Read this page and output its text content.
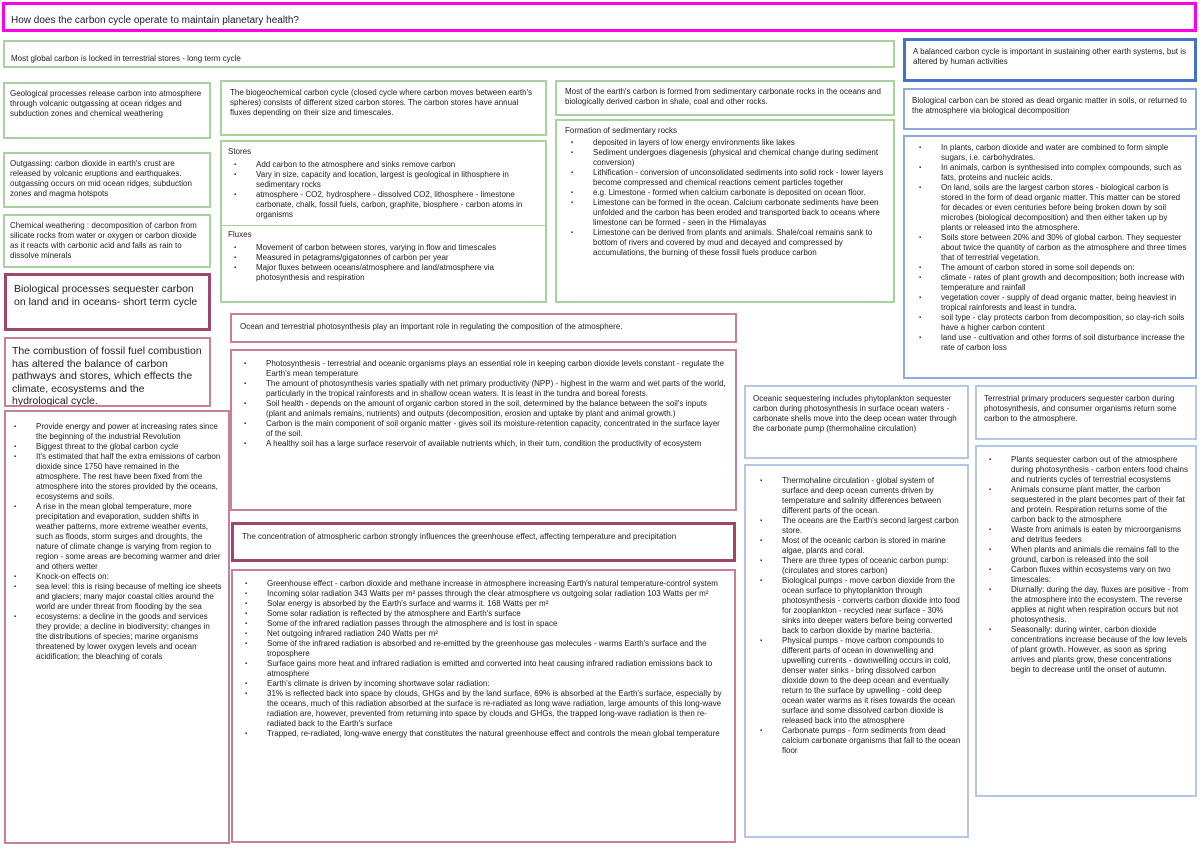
How does the carbon cycle operate to maintain planetary health?
Most global carbon is locked in terrestrial stores - long term cycle
Geological processes release carbon into atmosphere through volcanic outgassing at ocean ridges and subduction zones and chemical weathering
Outgassing: carbon dioxide in earth's crust are released by volcanic eruptions and earthquakes. outgassing occurs on mid ocean ridges, subduction zones and magma hotspots
Chemical weathering : decomposition of carbon from silicate rocks from water or oxygen or carbon dioxide as it reacts with carbonic acid and falls as rain to dissolve minerals
Biological processes sequester carbon on land and in oceans- short term cycle
The combustion of fossil fuel combustion has altered the balance of carbon pathways and stores, which effects the climate, ecosystems and the hydrological cycle.
▪ Provide energy and power at increasing rates since the beginning of the industrial Revolution
▪ Biggest threat to the global carbon cycle
▪ It's estimated that half the extra emissions of carbon dioxide since 1750 have remained in the atmosphere. The rest have been fixed from the atmosphere into the stores provided by the oceans, ecosystems and soils.
▪ A rise in the mean global temperature, more precipitation and evaporation, sudden shifts in weather patterns, more extreme weather events, such as floods, storm surges and droughts, the nature of climate change is varying from region to region - some areas are becoming warmer and drier and others wetter
▪ Knock-on effects on:
▪ sea level: this is rising because of melting ice sheets and glaciers; many major coastal cities around the world are under threat from flooding by the sea
▪ ecosystems: a decline in the goods and services they provide; a decline in biodiversity; changes in the distributions of species; marine organisms threatened by lower oxygen levels and ocean acidification; the bleaching of corals
The biogeochemical carbon cycle (closed cycle where carbon moves between earth's spheres) consists of different sized carbon stores. The carbon stores have annual fluxes depending on their size and timescales.
Stores
▪ Add carbon to the atmosphere and sinks remove carbon
▪ Vary in size, capacity and location, largest is geological in lithosphere in sedimentary rocks
▪ atmosphere - CO2, hydrosphere - dissolved CO2, lithosphere - limestone carbonate, chalk, fossil fuels, carbon, graphite, biosphere - carbon atoms in organisms
Fluxes
▪ Movement of carbon between stores, varying in flow and timescales
▪ Measured in petagrams/gigatonnes of carbon per year
▪ Major fluxes between oceans/atmosphere and land/atmosphere via photosynthesis and respiration
Most of the earth's carbon is formed from sedimentary carbonate rocks in the oceans and biologically derived carbon in shale, coal and other rocks.
Formation of sedimentary rocks
▪ deposited in layers of low energy environments like lakes
▪ Sediment undergoes diagenesis (physical and chemical change during sediment conversion)
▪ Lithification - conversion of unconsolidated sediments into solid rock - lower layers become compressed and chemical reactions cement particles together
▪ e.g. Limestone - formed when calcium carbonate is deposited on ocean floor.
▪ Limestone can be formed in the ocean. Calcium carbonate sediments have been unfolded and the carbon has been eroded and transported back to oceans where limestone can be formed - seen in the Himalayas
▪ Limestone can be derived from plants and animals. Shale/coal remains sank to bottom of rivers and covered by mud and decayed and compressed by accumulations, the burning of these fossil fuels produce carbon
Ocean and terrestrial photosynthesis play an important role in regulating the composition of the atmosphere.
▪ Photosynthesis - terrestrial and oceanic organisms plays an essential role in keeping carbon dioxide levels constant - regulate the Earth's mean temperature
▪ The amount of photosynthesis varies spatially with net primary productivity (NPP) - highest in the warm and wet parts of the world, particularly in the tropical rainforests and in shallow ocean waters. It is least in the tundra and boreal forests.
▪ Soil health - depends on the amount of organic carbon stored in the soil, determined by the balance between the soil's inputs (plant and animals remains, nutrients) and outputs (decomposition, erosion and uptake by plant and animal growth.)
▪ Carbon is the main component of soil organic matter - gives soil its moisture-retention capacity, concentrated in the surface layer of the soil.
▪ A healthy soil has a large surface reservoir of available nutrients which, in their turn, condition the productivity of ecosystem
The concentration of atmospheric carbon strongly influences the greenhouse effect, affecting temperature and precipitation
▪ Greenhouse effect - carbon dioxide and methane increase in atmosphere increasing Earth's natural temperature-control system
▪ Incoming solar radiation 343 Watts per m² passes through the clear atmosphere vs outgoing solar radiation 103 Watts per m²
▪ Solar energy is absorbed by the Earth's surface and warms it. 168 Watts per m²
▪ Some solar radiation is reflected by the atmosphere and Earth's surface
▪ Some of the infrared radiation passes through the atmosphere and is lost in space
▪ Net outgoing infrared radiation 240 Watts per m²
▪ Some of the infrared radiation is absorbed and re-emitted by the greenhouse gas molecules - warms Earth's surface and the troposphere
▪ Surface gains more heat and infrared radiation is emitted and converted into heat causing infrared radiation emissions back to atmosphere
▪ Earth's climate is driven by incoming shortwave solar radiation:
▪ 31% is reflected back into space by clouds, GHGs and by the land surface, 69% is absorbed at the Earth's surface, especially by the oceans, much of this radiation absorbed at the surface is re-radiated as long wave radiation, large amounts of this long-wave radiation are, however, prevented from returning into space by clouds and GHGs, the trapped long-wave radiation is then re-radiated back to the Earth's surface
▪ Trapped, re-radiated, long-wave energy that constitutes the natural greenhouse effect and controls the mean global temperature
A balanced carbon cycle is important in sustaining other earth systems, but is altered by human activities
Biological carbon can be stored as dead organic matter in soils, or returned to the atmosphere via biological decomposition
▪ In plants, carbon dioxide and water are combined to form simple sugars, i.e. carbohydrates.
▪ In animals, carbon is synthesised into complex compounds, such as fats, proteins and nucleic acids.
▪ On land, soils are the largest carbon stores - biological carbon is stored in the form of dead organic matter. This matter can be stored for decades or even centuries before being broken down by soil microbes (biological decomposition) and then either taken up by plants or released into the atmosphere.
▪ Soils store between 20% and 30% of global carbon. They sequester about twice the quantity of carbon as the atmosphere and three times that of terrestrial vegetation.
▪ The amount of carbon stored in some soil depends on:
▪ climate - rates of plant growth and decomposition; both increase with temperature and rainfall
▪ vegetation cover - supply of dead organic matter, being heaviest in tropical rainforests and least in tundra.
▪ soil type - clay protects carbon from decomposition, so clay-rich soils have a higher carbon content
▪ land use - cultivation and other forms of soil disturbance increase the rate of carbon loss
Oceanic sequestering includes phytoplankton sequester carbon during photosynthesis in surface ocean waters - carbonate shells move into the deep ocean water through the carbonate pump (thermohaline circulation)
▪ Thermohaline circulation - global system of surface and deep ocean currents driven by temperature and salinity differences between different parts of the ocean.
▪ The oceans are the Earth's second largest carbon store.
▪ Most of the oceanic carbon is stored in marine algae, plants and coral.
▪ There are three types of oceanic carbon pump: (circulates and stores carbon)
▪ Biological pumps - move carbon dioxide from the ocean surface to phytoplankton through photosynthesis - converts carbon dioxide into food for zooplankton - recycled near surface - 30% sinks into deeper waters before being converted back to carbon dioxide by marine bacteria.
▪ Physical pumps - move carbon compounds to different parts of ocean in downwelling and upwelling currents - downwelling occurs in cold, denser water sinks - bring dissolved carbon dioxide down to the deep ocean and eventually return to the surface by upwelling - cold deep ocean water warms as it rises towards the ocean surface and some dissolved carbon dioxide is released back into the atmosphere
▪ Carbonate pumps - form sediments from dead calcium carbonate organisms that fall to the ocean floor
Terrestrial primary producers sequester carbon during photosynthesis, and consumer organisms return some carbon to the atmosphere.
▪ Plants sequester carbon out of the atmosphere during photosynthesis - carbon enters food chains and nutrients cycles of terrestrial ecosystems
▪ Animals consume plant matter, the carbon sequestered in the plant becomes part of their fat and protein. Respiration returns some of the carbon back to the atmosphere
▪ Waste from animals is eaten by microorganisms and detritus feeders
▪ When plants and animals die remains fall to the ground, carbon is released into the soil
▪ Carbon fluxes within ecosystems vary on two timescales:
▪ Diurnally: during the day, fluxes are positive - from the atmosphere into the ecosystem. The reverse applies at night when respiration occurs but not photosynthesis.
▪ Seasonally: during winter, carbon dioxide concentrations increase because of the low levels of plant growth. However, as soon as spring arrives and plants grow, these concentrations begin to decrease until the onset of autumn.
